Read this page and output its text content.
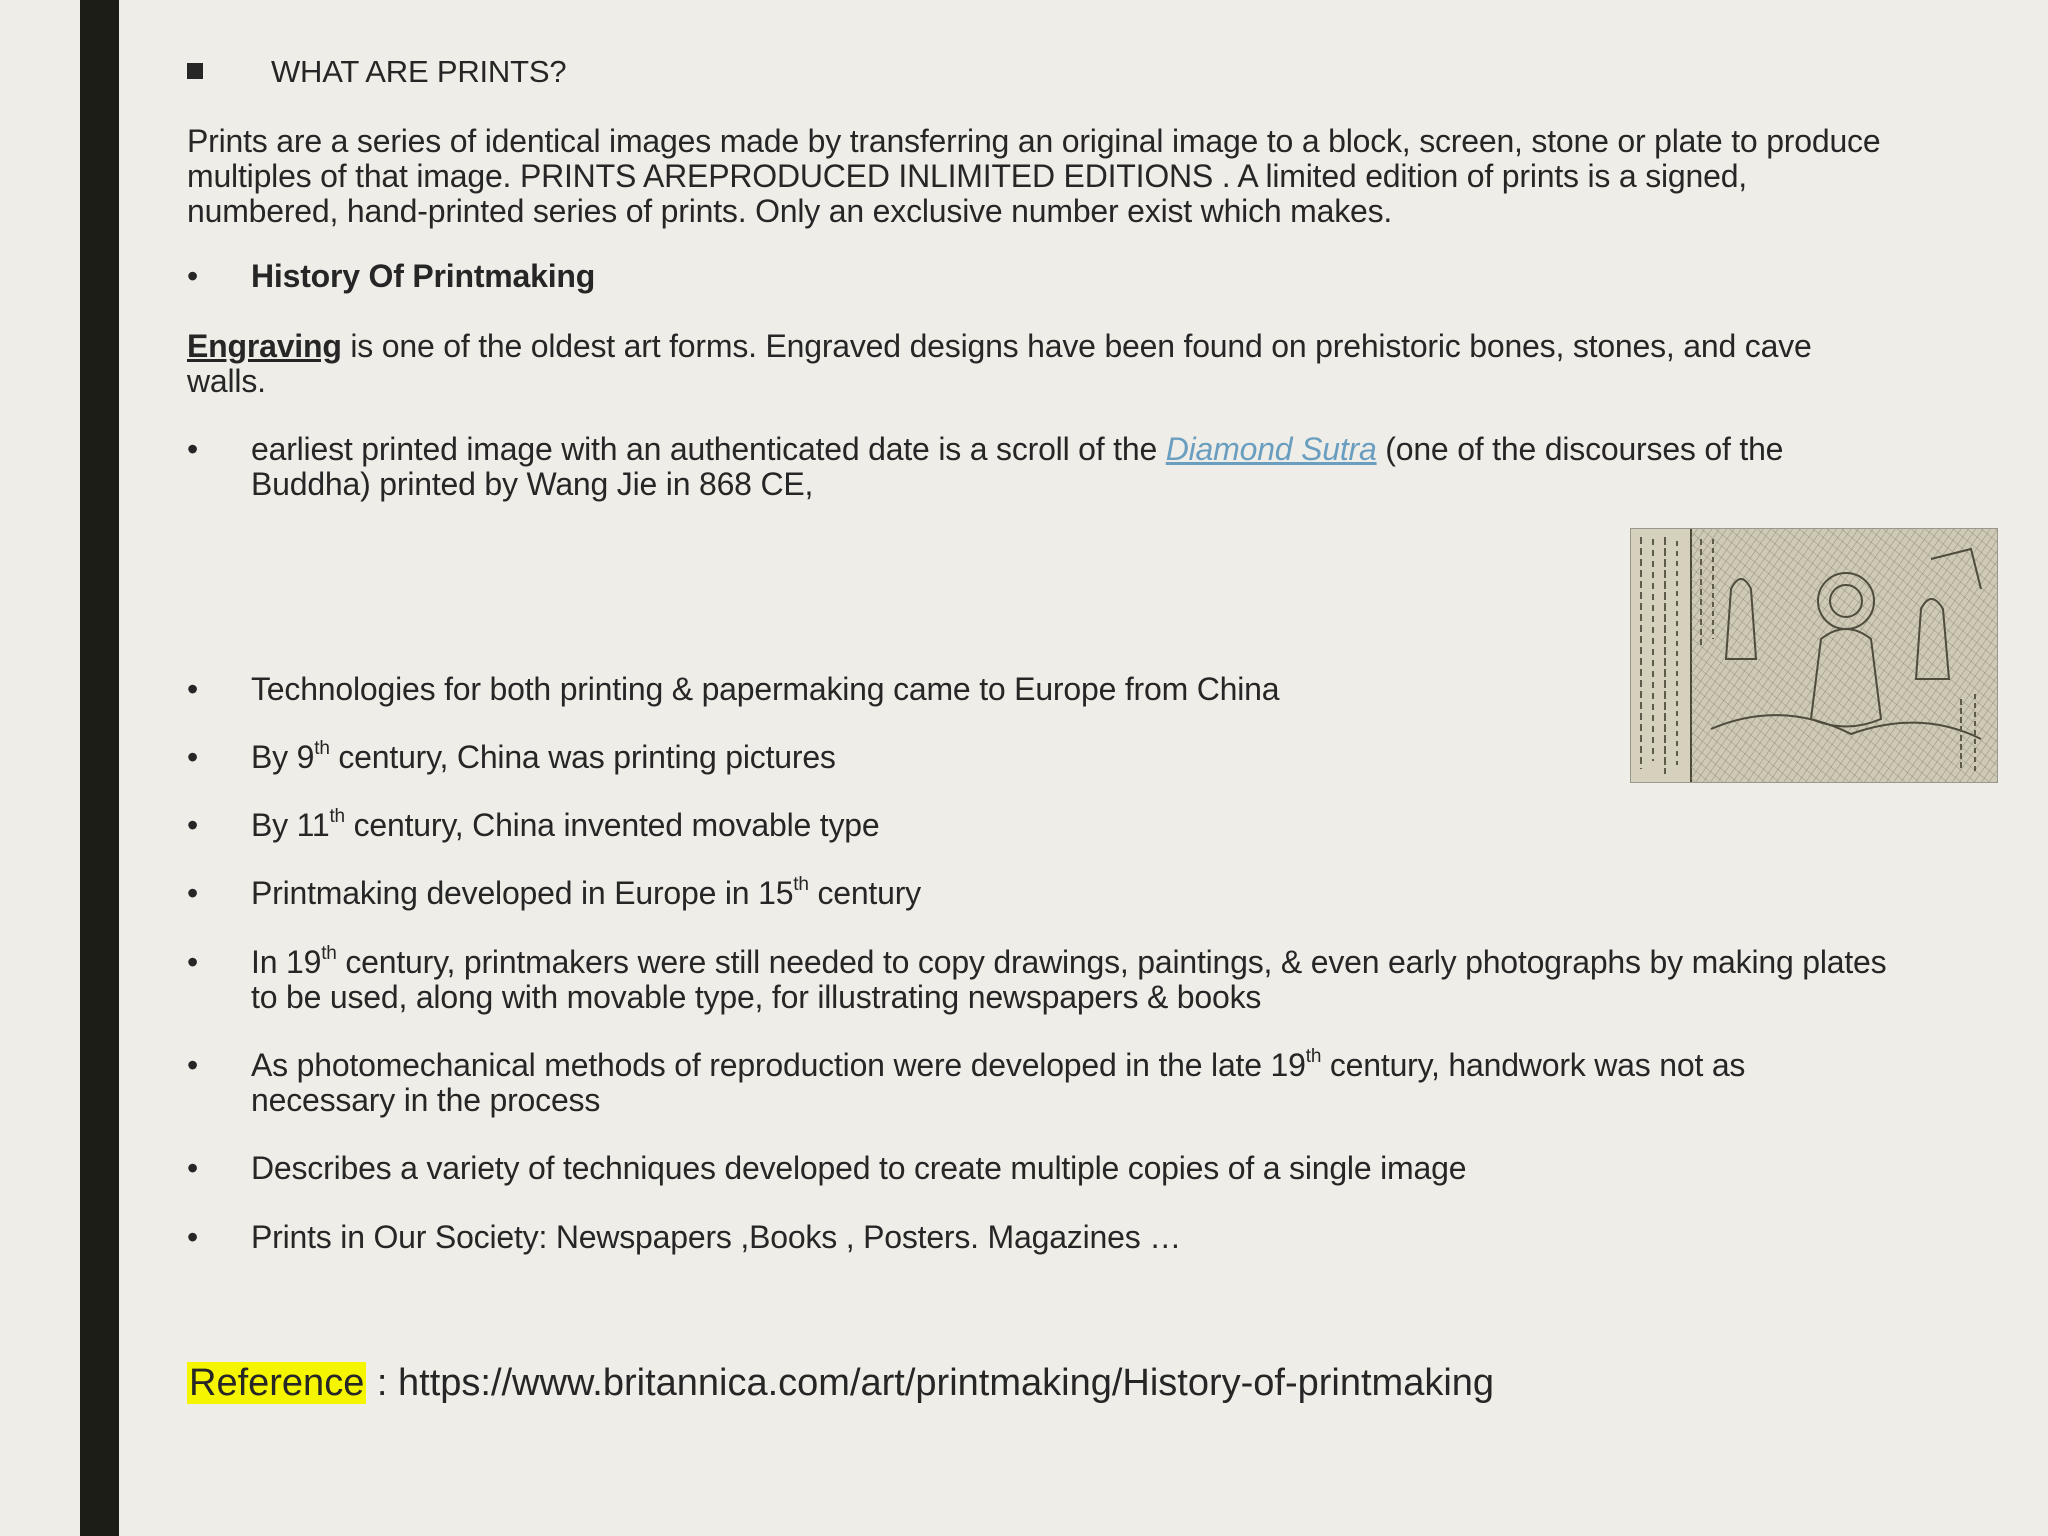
WHAT ARE PRINTS?
Prints are a series of identical images made by transferring an original image to a block, screen, stone or plate to produce
multiples of that image. PRINTS AREPRODUCED INLIMITED EDITIONS . A limited edition of prints is a signed,
numbered, hand-printed series of prints. Only an exclusive number exist which makes.
•	History Of Printmaking
Engraving is one of the oldest art forms. Engraved designs have been found on prehistoric bones, stones, and cave
walls.
•	earliest printed image with an authenticated date is a scroll of the Diamond Sutra (one of the discourses of the
Buddha) printed by Wang Jie in 868 CE,
•	Technologies for both printing & papermaking came to Europe from China
•	By 9th century, China was printing pictures
•	By 11th century, China invented movable type
•	Printmaking developed in Europe in 15th century
•	In 19th century, printmakers were still needed to copy drawings, paintings, & even early photographs by making plates
to be used, along with movable type, for illustrating newspapers & books
•	As photomechanical methods of reproduction were developed in the late 19th century, handwork was not as
necessary in the process
•	Describes a variety of techniques developed to create multiple copies of a single image
•	Prints in Our Society: Newspapers ,Books , Posters. Magazines …
Reference : https://www.britannica.com/art/printmaking/History-of-printmaking
